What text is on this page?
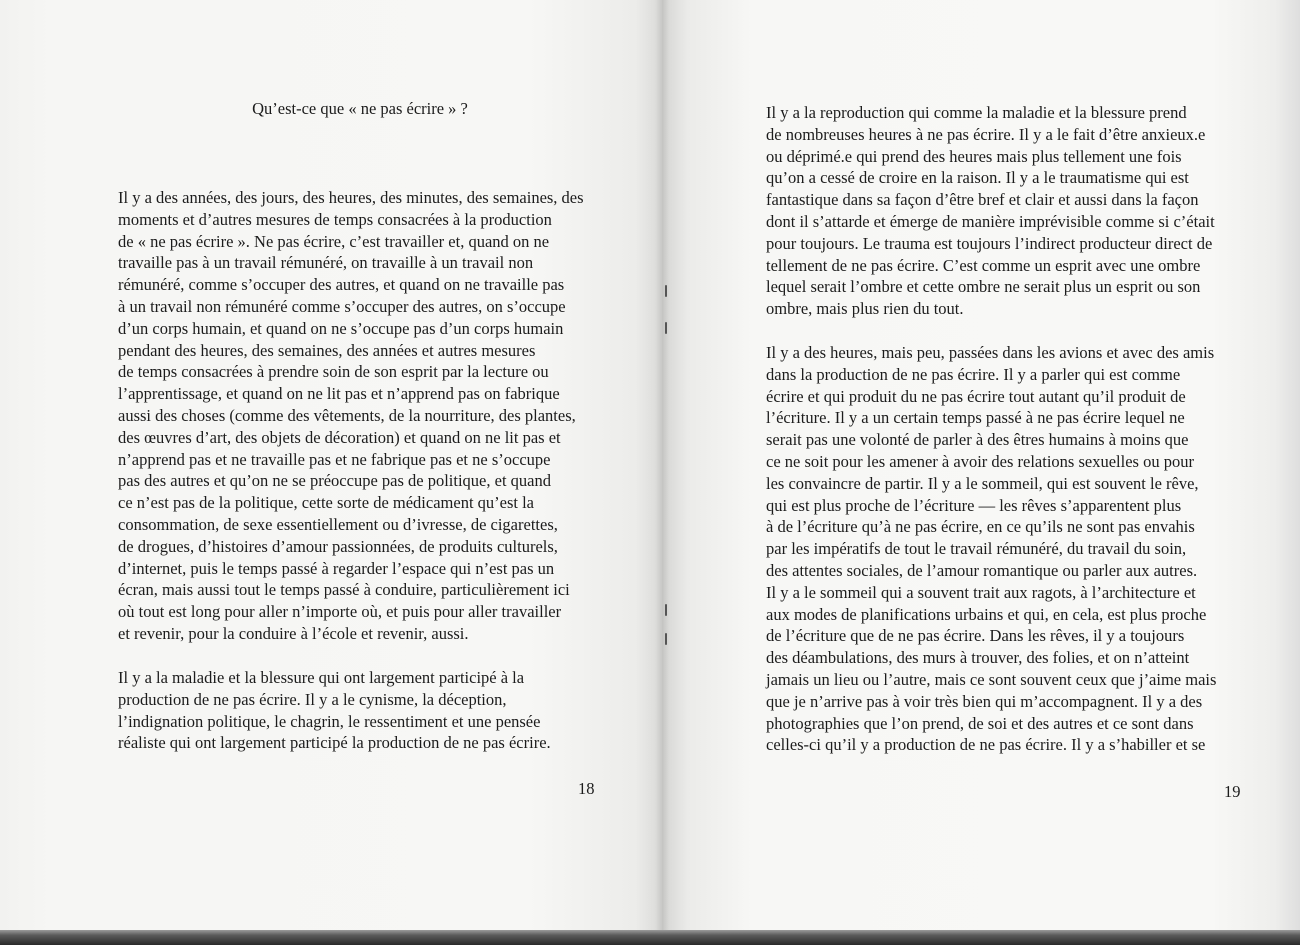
Qu’est-ce que « ne pas écrire » ?

Il y a des années, des jours, des heures, des minutes, des semaines, des
moments et d’autres mesures de temps consacrées à la production
de « ne pas écrire ». Ne pas écrire, c’est travailler et, quand on ne
travaille pas à un travail rémunéré, on travaille à un travail non
rémunéré, comme s’occuper des autres, et quand on ne travaille pas
à un travail non rémunéré comme s’occuper des autres, on s’occupe
d’un corps humain, et quand on ne s’occupe pas d’un corps humain
pendant des heures, des semaines, des années et autres mesures
de temps consacrées à prendre soin de son esprit par la lecture ou
l’apprentissage, et quand on ne lit pas et n’apprend pas on fabrique
aussi des choses (comme des vêtements, de la nourriture, des plantes,
des œuvres d’art, des objets de décoration) et quand on ne lit pas et
n’apprend pas et ne travaille pas et ne fabrique pas et ne s’occupe
pas des autres et qu’on ne se préoccupe pas de politique, et quand
ce n’est pas de la politique, cette sorte de médicament qu’est la
consommation, de sexe essentiellement ou d’ivresse, de cigarettes,
de drogues, d’histoires d’amour passionnées, de produits culturels,
d’internet, puis le temps passé à regarder l’espace qui n’est pas un
écran, mais aussi tout le temps passé à conduire, particulièrement ici
où tout est long pour aller n’importe où, et puis pour aller travailler
et revenir, pour la conduire à l’école et revenir, aussi.

Il y a la maladie et la blessure qui ont largement participé à la
production de ne pas écrire. Il y a le cynisme, la déception,
l’indignation politique, le chagrin, le ressentiment et une pensée
réaliste qui ont largement participé la production de ne pas écrire.

18

Il y a la reproduction qui comme la maladie et la blessure prend
de nombreuses heures à ne pas écrire. Il y a le fait d’être anxieux.e
ou déprimé.e qui prend des heures mais plus tellement une fois
qu’on a cessé de croire en la raison. Il y a le traumatisme qui est
fantastique dans sa façon d’être bref et clair et aussi dans la façon
dont il s’attarde et émerge de manière imprévisible comme si c’était
pour toujours. Le trauma est toujours l’indirect producteur direct de
tellement de ne pas écrire. C’est comme un esprit avec une ombre
lequel serait l’ombre et cette ombre ne serait plus un esprit ou son
ombre, mais plus rien du tout.

Il y a des heures, mais peu, passées dans les avions et avec des amis
dans la production de ne pas écrire. Il y a parler qui est comme
écrire et qui produit du ne pas écrire tout autant qu’il produit de
l’écriture. Il y a un certain temps passé à ne pas écrire lequel ne
serait pas une volonté de parler à des êtres humains à moins que
ce ne soit pour les amener à avoir des relations sexuelles ou pour
les convaincre de partir. Il y a le sommeil, qui est souvent le rêve,
qui est plus proche de l’écriture — les rêves s’apparentent plus
à de l’écriture qu’à ne pas écrire, en ce qu’ils ne sont pas envahis
par les impératifs de tout le travail rémunéré, du travail du soin,
des attentes sociales, de l’amour romantique ou parler aux autres.
Il y a le sommeil qui a souvent trait aux ragots, à l’architecture et
aux modes de planifications urbains et qui, en cela, est plus proche
de l’écriture que de ne pas écrire. Dans les rêves, il y a toujours
des déambulations, des murs à trouver, des folies, et on n’atteint
jamais un lieu ou l’autre, mais ce sont souvent ceux que j’aime mais
que je n’arrive pas à voir très bien qui m’accompagnent. Il y a des
photographies que l’on prend, de soi et des autres et ce sont dans
celles-ci qu’il y a production de ne pas écrire. Il y a s’habiller et se

19
